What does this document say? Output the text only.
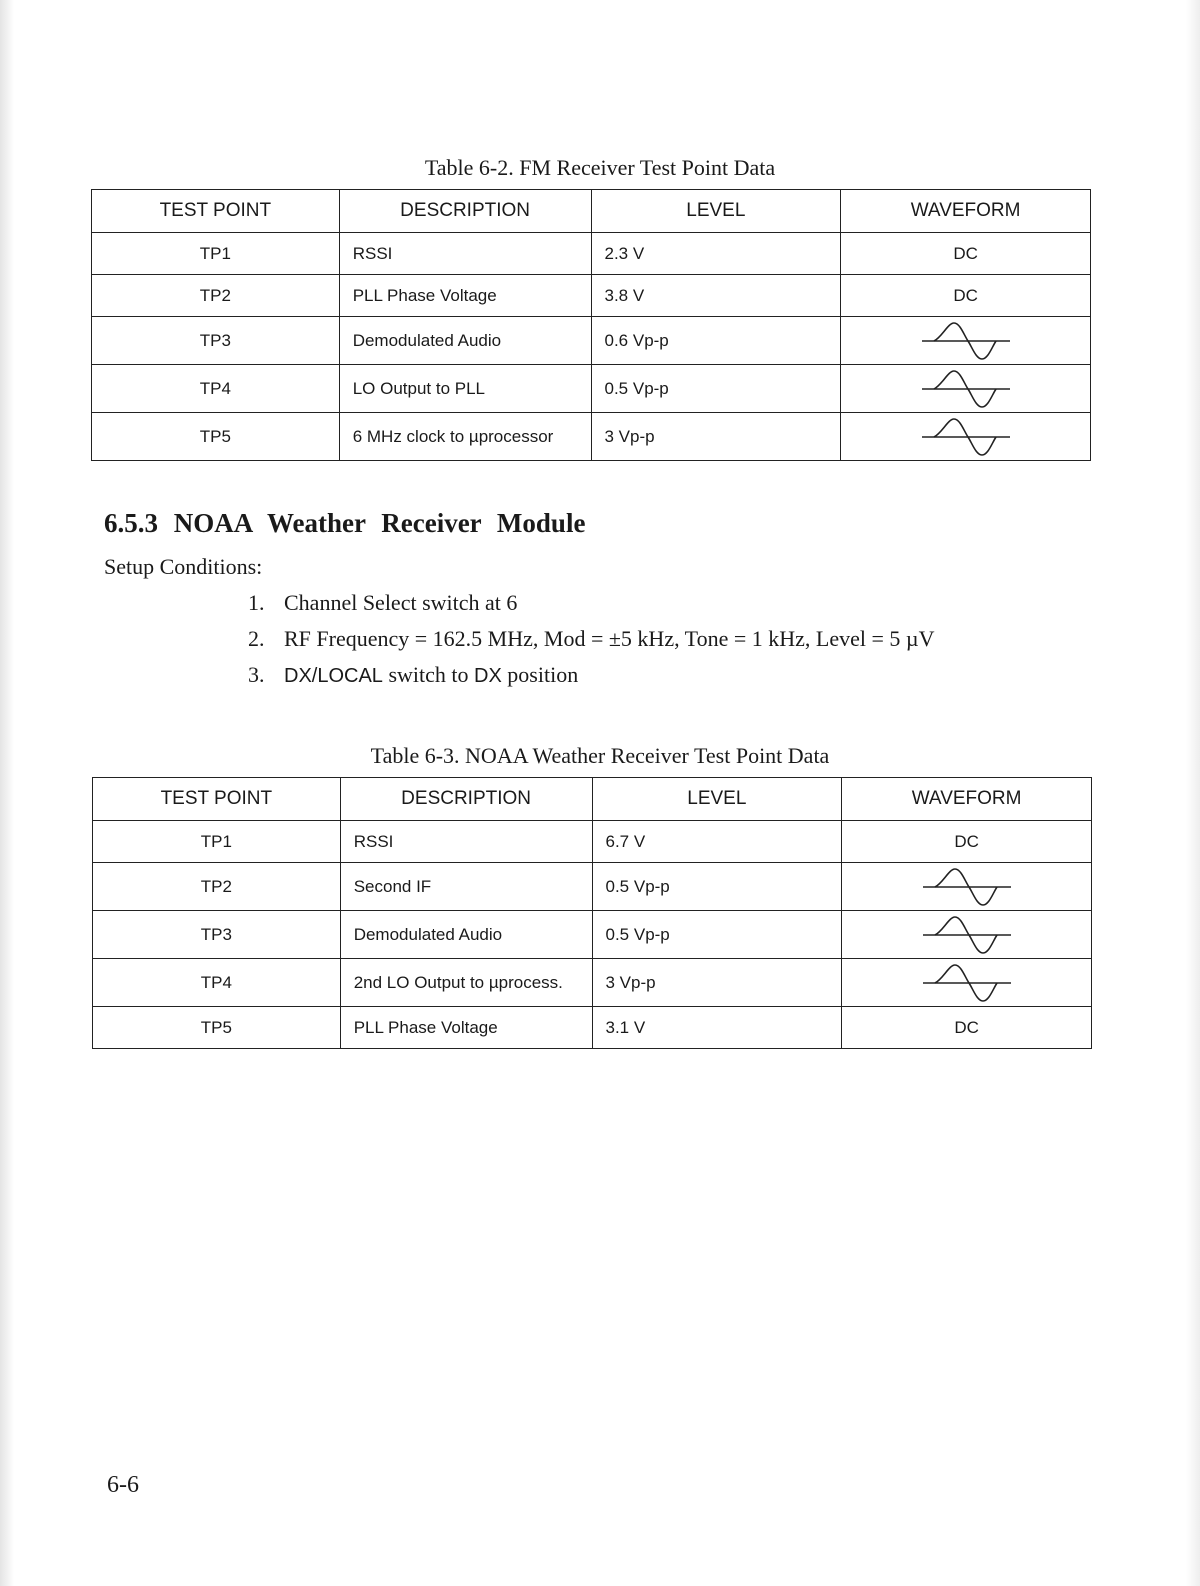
Table 6-2. FM Receiver Test Point Data
TEST POINT	DESCRIPTION	LEVEL	WAVEFORM
TP1	RSSI	2.3 V	DC
TP2	PLL Phase Voltage	3.8 V	DC
TP3	Demodulated Audio	0.6 Vp-p	

TP4	LO Output to PLL	0.5 Vp-p	

TP5	6 MHz clock to µprocessor	3 Vp-p	
6.5.3 NOAA Weather Receiver Module
Setup Conditions:
1. Channel Select switch at 6
2. RF Frequency = 162.5 MHz, Mod = ±5 kHz, Tone = 1 kHz, Level = 5 µV
3. DX/LOCAL switch to DX position
Table 6-3. NOAA Weather Receiver Test Point Data
TEST POINT	DESCRIPTION	LEVEL	WAVEFORM
TP1	RSSI	6.7 V	DC
TP2	Second IF	0.5 Vp-p	

TP3	Demodulated Audio	0.5 Vp-p	

TP4	2nd LO Output to µprocess.	3 Vp-p	

TP5	PLL Phase Voltage	3.1 V	DC
6-6
